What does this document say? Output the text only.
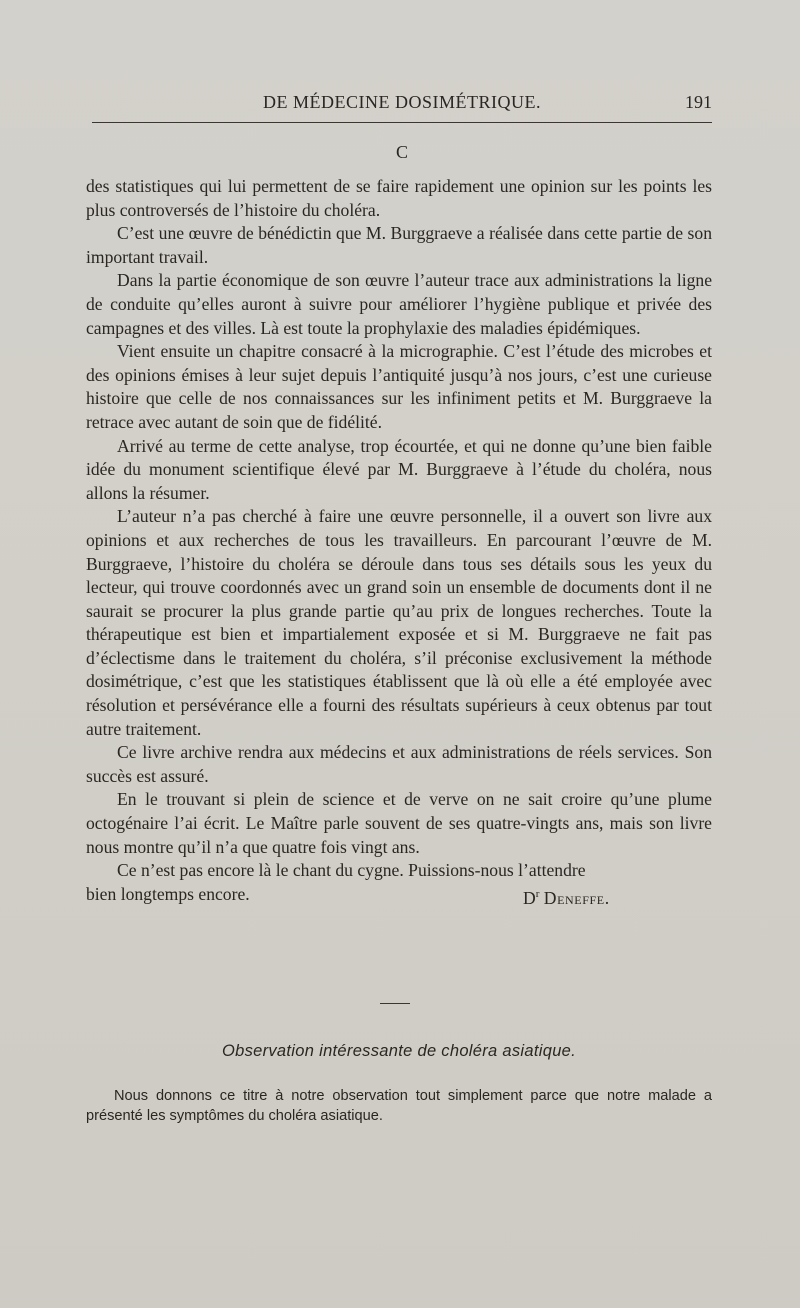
DE MÉDECINE DOSIMÉTRIQUE.	191
C

des statistiques qui lui permettent de se faire rapidement une opinion sur les points les plus controversés de l’histoire du choléra.

C’est une œuvre de bénédictin que M. Burggraeve a réalisée dans cette partie de son important travail.

Dans la partie économique de son œuvre l’auteur trace aux administrations la ligne de conduite qu’elles auront à suivre pour améliorer l’hygiène publique et privée des campagnes et des villes. Là est toute la prophylaxie des maladies épidémiques.

Vient ensuite un chapitre consacré à la micrographie. C’est l’étude des microbes et des opinions émises à leur sujet depuis l’antiquité jusqu’à nos jours, c’est une curieuse histoire que celle de nos connaissances sur les infiniment petits et M. Burggraeve la retrace avec autant de soin que de fidélité.

Arrivé au terme de cette analyse, trop écourtée, et qui ne donne qu’une bien faible idée du monument scientifique élevé par M. Burggraeve à l’étude du choléra, nous allons la résumer.

L’auteur n’a pas cherché à faire une œuvre personnelle, il a ouvert son livre aux opinions et aux recherches de tous les travailleurs. En parcourant l’œuvre de M. Burggraeve, l’histoire du choléra se déroule dans tous ses détails sous les yeux du lecteur, qui trouve coordonnés avec un grand soin un ensemble de documents dont il ne saurait se procurer la plus grande partie qu’au prix de longues recherches. Toute la thérapeutique est bien et impartialement exposée et si M. Burggraeve ne fait pas d’éclectisme dans le traitement du choléra, s’il préconise exclusivement la méthode dosimétrique, c’est que les statistiques établissent que là où elle a été employée avec résolution et persévérance elle a fourni des résultats supérieurs à ceux obtenus par tout autre traitement.

Ce livre archive rendra aux médecins et aux administrations de réels services. Son succès est assuré.

En le trouvant si plein de science et de verve on ne sait croire qu’une plume octogénaire l’ai écrit. Le Maître parle souvent de ses quatre-vingts ans, mais son livre nous montre qu’il n’a que quatre fois vingt ans.

Ce n’est pas encore là le chant du cygne. Puissions-nous l’attendre

bien longtemps encore.	$D^r$ Deneffe.
Observation intéressante de choléra asiatique.

Nous donnons ce titre à notre observation tout simplement parce que notre malade a présenté les symptômes du choléra asiatique.
